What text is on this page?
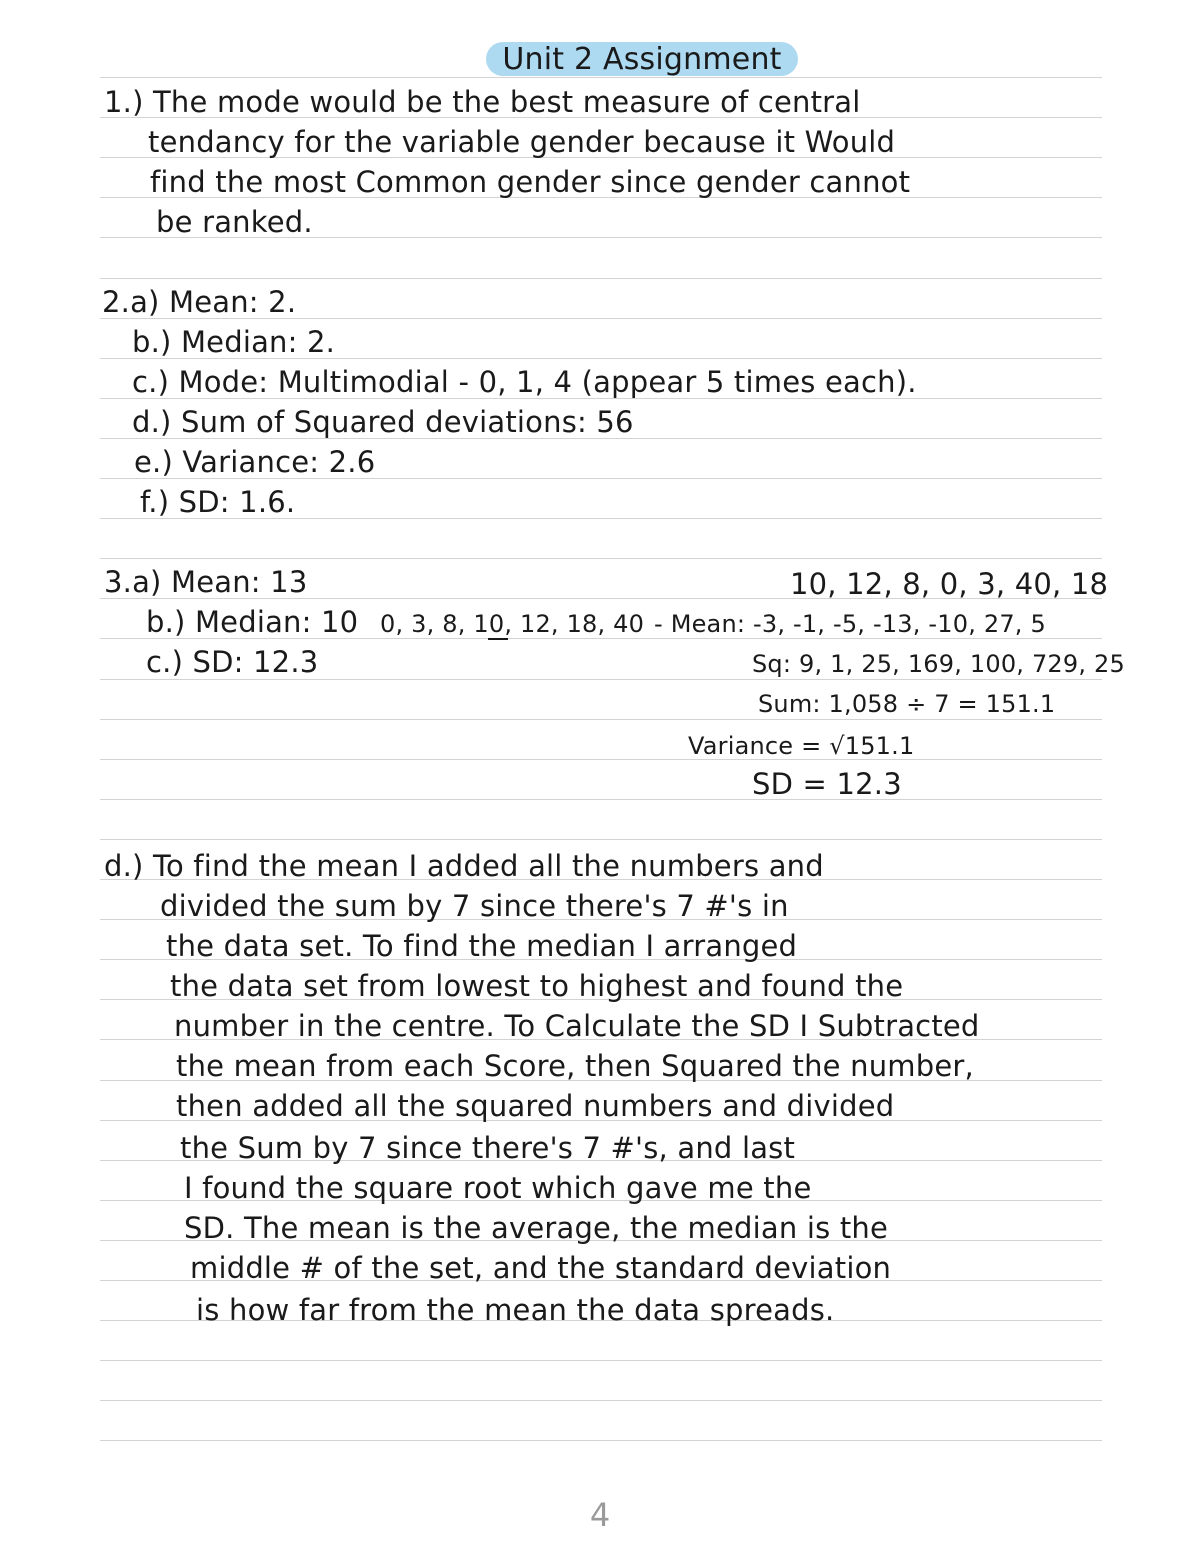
Unit 2 Assignment
1.) The mode would be the best measure of central
tendancy for the variable gender because it Would
find the most Common gender since gender cannot
be ranked.
2.a) Mean: 2.
b.) Median: 2.
c.) Mode: Multimodial - 0, 1, 4 (appear 5 times each).
d.) Sum of Squared deviations: 56
e.) Variance: 2.6
f.) SD: 1.6.
3.a) Mean: 13
b.) Median: 10
c.) SD: 12.3
0, 3, 8, 10, 12, 18, 40
10, 12, 8, 0, 3, 40, 18
- Mean: -3, -1, -5, -13, -10, 27, 5
Sq: 9, 1, 25, 169, 100, 729, 25
Sum: 1,058 ÷ 7 = 151.1
Variance = √151.1
SD = 12.3
d.) To find the mean I added all the numbers and
divided the sum by 7 since there's 7 #'s in
the data set. To find the median I arranged
the data set from lowest to highest and found the
number in the centre. To Calculate the SD I Subtracted
the mean from each Score, then Squared the number,
then added all the squared numbers and divided
the Sum by 7 since there's 7 #'s, and last
I found the square root which gave me the
SD. The mean is the average, the median is the
middle # of the set, and the standard deviation
is how far from the mean the data spreads.
4
